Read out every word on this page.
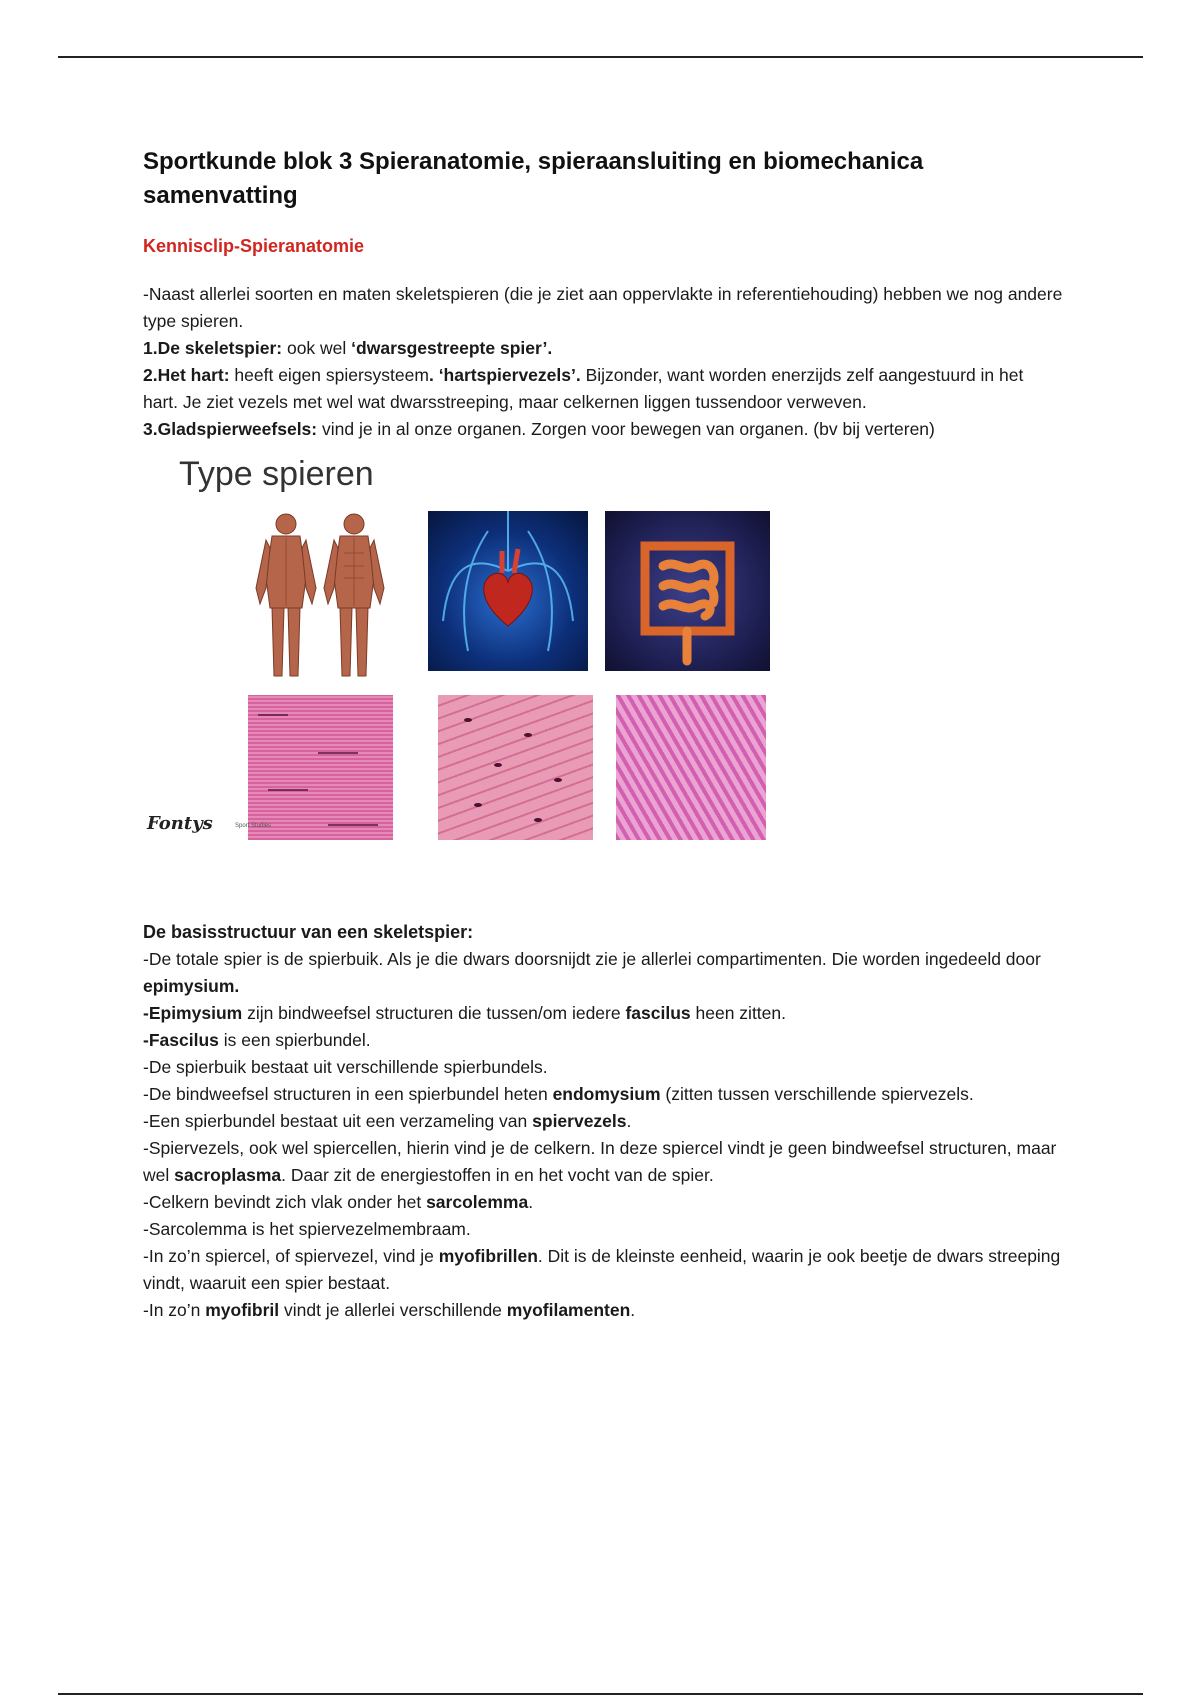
Sportkunde blok 3 Spieranatomie, spieraansluiting en biomechanica samenvatting
Kennisclip-Spieranatomie

-Naast allerlei soorten en maten skeletspieren (die je ziet aan oppervlakte in referentiehouding) hebben we nog andere type spieren.
1.De skeletspier: ook wel ‘dwarsgestreepte spier’.
2.Het hart: heeft eigen spiersysteem. ‘hartspiervezels’. Bijzonder, want worden enerzijds zelf aangestuurd in het hart. Je ziet vezels met wel wat dwarsstreeping, maar celkernen liggen tussendoor verweven.
3.Gladspierweefsels: vind je in al onze organen. Zorgen voor bewegen van organen. (bv bij verteren)

Type spieren
Fontys	Sport Studies
De basisstructuur van een skeletspier:

-De totale spier is de spierbuik. Als je die dwars doorsnijdt zie je allerlei compartimenten. Die worden ingedeeld door epimysium.
-Epimysium zijn bindweefsel structuren die tussen/om iedere fascilus heen zitten.
-Fascilus is een spierbundel.
-De spierbuik bestaat uit verschillende spierbundels.
-De bindweefsel structuren in een spierbundel heten endomysium (zitten tussen verschillende spiervezels.
-Een spierbundel bestaat uit een verzameling van spiervezels.
-Spiervezels, ook wel spiercellen, hierin vind je de celkern. In deze spiercel vindt je geen bindweefsel structuren, maar wel sacroplasma. Daar zit de energiestoffen in en het vocht van de spier.
-Celkern bevindt zich vlak onder het sarcolemma.
-Sarcolemma is het spiervezelmembraam.
-In zo’n spiercel, of spiervezel, vind je myofibrillen. Dit is de kleinste eenheid, waarin je ook beetje de dwars streeping vindt, waaruit een spier bestaat.
-In zo’n myofibril vindt je allerlei verschillende myofilamenten.
